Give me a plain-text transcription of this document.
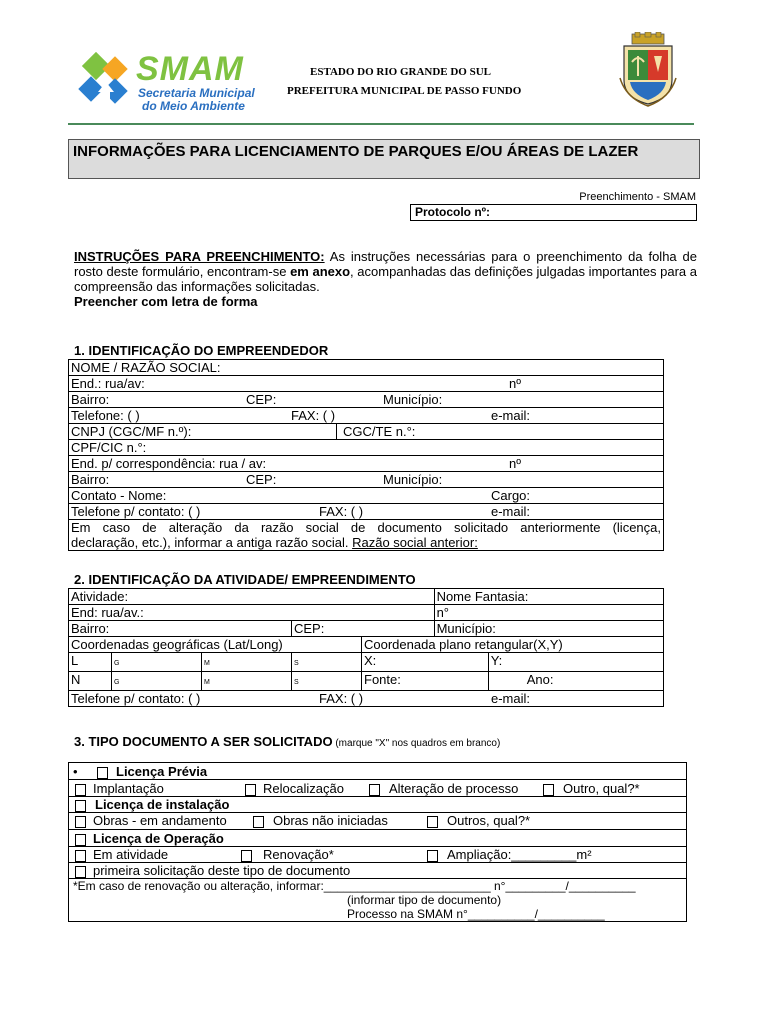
SMAM
Secretaria Municipal
do Meio Ambiente
ESTADO DO RIO GRANDE DO SUL
PREFEITURA MUNICIPAL DE PASSO FUNDO
INFORMAÇÕES PARA LICENCIAMENTO DE PARQUES E/OU ÁREAS DE LAZER
Preenchimento - SMAM
Protocolo nº:
INSTRUÇÕES PARA PREENCHIMENTO: As instruções necessárias para o preenchimento da folha de rosto deste formulário, encontram-se em anexo, acompanhadas das definições julgadas importantes para a compreensão das informações solicitadas.
Preencher com letra de forma
1. IDENTIFICAÇÃO DO EMPREENDEDOR
NOME / RAZÃO SOCIAL:

End.: rua/av:	nº

Bairro:	CEP:	Município:

Telefone: ( )	FAX: ( )	e-mail:

CNPJ (CGC/MF n.º):	CGC/TE n.°:

CPF/CIC n.°:

End. p/ correspondência: rua / av:	nº

Bairro:	CEP:	Município:

Contato - Nome:	Cargo:

Telefone p/ contato: ( )	FAX: ( )	e-mail:

Em caso de alteração da razão social de documento solicitado anteriormente (licença,
declaração, etc.), informar a antiga razão social. Razão social anterior:
2. IDENTIFICAÇÃO DA ATIVIDADE/ EMPREENDIMENTO
Atividade:					Nome Fantasia:	
End: rua/av.:					n°	
Bairro:			CEP:		Município:	
Coordenadas geográficas (Lat/Long)				Coordenada plano retangular(X,Y)		
L	G	M	S	X:		Y:
N	G	M	S	Fonte:		Ano:

Telefone p/ contato: ( ) FAX: ( ) e-mail:						
3. TIPO DOCUMENTO A SER SOLICITADO (marque "X" nos quadros em branco)
•	Licença Prévia
Implantação	Relocalização	Alteração de processo	Outro, qual?*
Licença de instalação
Obras - em andamento	Obras não iniciadas	Outros, qual?*
Licença de Operação
Em atividade	Renovação*	Ampliação:_________m²
primeira solicitação deste tipo de documento
*Em caso de renovação ou alteração, informar:_________________________ n°_________/__________
(informar tipo de documento)
Processo na SMAM n°__________/__________
